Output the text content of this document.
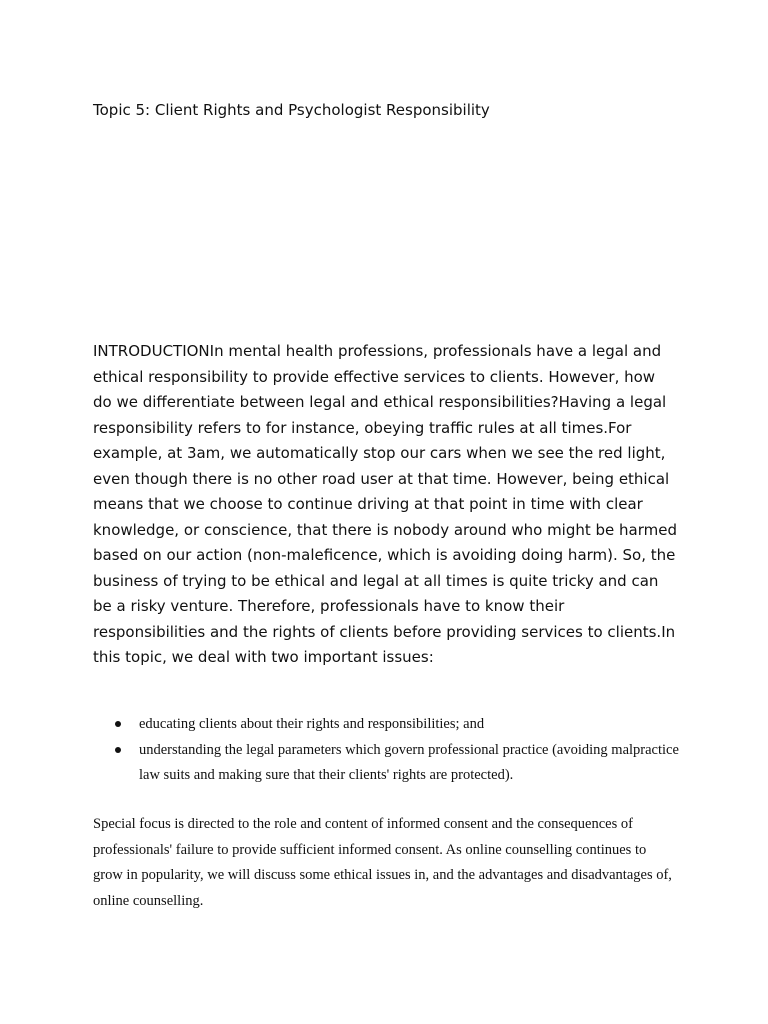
Topic 5: Client Rights and Psychologist Responsibility

INTRODUCTIONIn mental health professions, professionals have a legal and ethical responsibility to provide effective services to clients. However, how do we differentiate between legal and ethical responsibilities?Having a legal responsibility refers to for instance, obeying traffic rules at all times.For example, at 3am, we automatically stop our cars when we see the red light, even though there is no other road user at that time. However, being ethical means that we choose to continue driving at that point in time with clear knowledge, or conscience, that there is nobody around who might be harmed based on our action (non-maleficence, which is avoiding doing harm). So, the business of trying to be ethical and legal at all times is quite tricky and can be a risky venture. Therefore, professionals have to know their responsibilities and the rights of clients before providing services to clients.In this topic, we deal with two important issues:

educating clients about their rights and responsibilities; and
understanding the legal parameters which govern professional practice (avoiding malpractice law suits and making sure that their clients' rights are protected).

Special focus is directed to the role and content of informed consent and the consequences of professionals' failure to provide sufficient informed consent. As online counselling continues to grow in popularity, we will discuss some ethical issues in, and the advantages and disadvantages of, online counselling.
